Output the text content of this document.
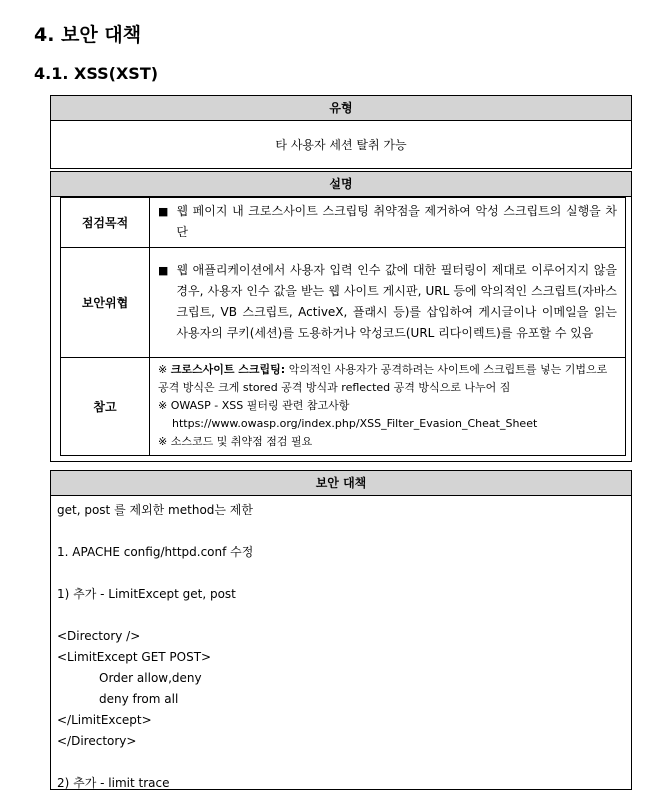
4. 보안 대책
4.1. XSS(XST)
유형
타 사용자 세션 탈취 가능
설명
점검목적	■ 웹 페이지 내 크로스사이트 스크립팅 취약점을 제거하여 악성 스크립트의 실행을 차단

보안위협	■ 웹 애플리케이션에서 사용자 입력 인수 값에 대한 필터링이 제대로 이루어지지 않을 경우, 사용자 인수 값을 받는 웹 사이트 게시판, URL 등에 악의적인 스크립트(자바스크립트, VB 스크립트, ActiveX, 플래시 등)를 삽입하여 게시글이나 이메일을 읽는 사용자의 쿠키(세션)를 도용하거나 악성코드(URL 리다이렉트)를 유포할 수 있음

참고	※ 크로스사이트 스크립팅: 악의적인 사용자가 공격하려는 사이트에 스크립트를 넣는 기법으로 공격 방식은 크게 stored 공격 방식과 reflected 공격 방식으로 나누어 짐
※ OWASP - XSS 필터링 관련 참고사항
https://www.owasp.org/index.php/XSS_Filter_Evasion_Cheat_Sheet
※ 소스코드 및 취약점 점검 필요
보안 대책
get, post 를 제외한 method는 제한
1. APACHE config/httpd.conf 수정
1) 추가 - LimitExcept get, post
<Directory />
<LimitExcept GET POST>
Order allow,deny
deny from all
</LimitExcept>
</Directory>
2) 추가 - limit trace
